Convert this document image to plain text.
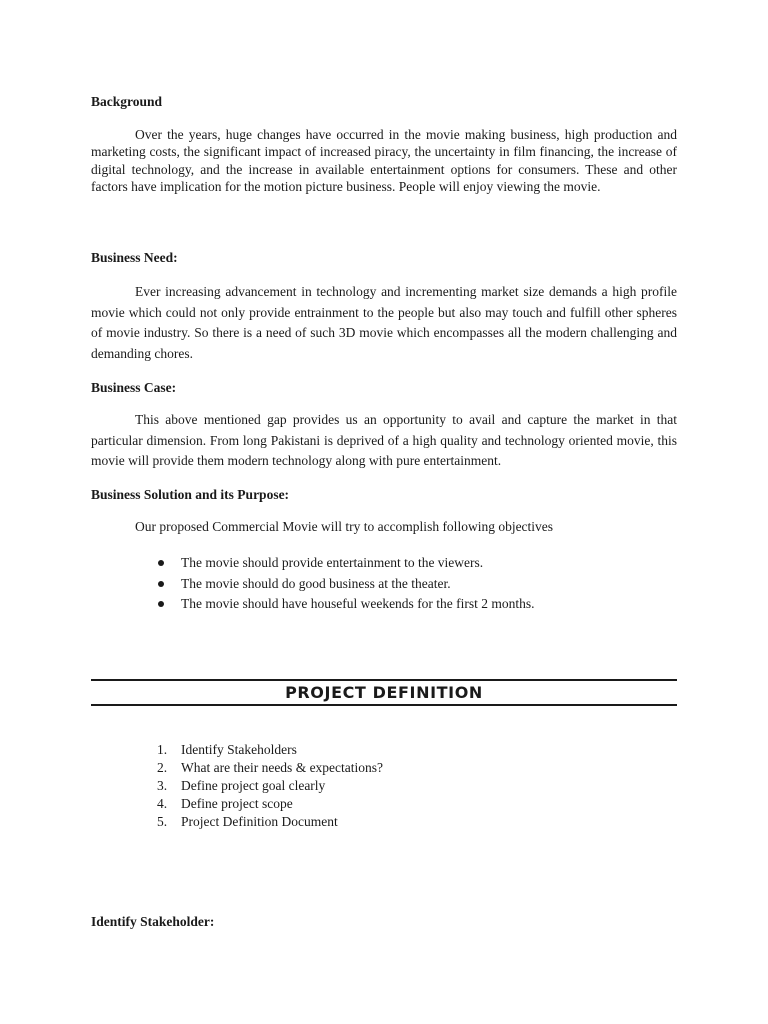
Background

Over the years, huge changes have occurred in the movie making business, high production and marketing costs, the significant impact of increased piracy, the uncertainty in film financing, the increase of digital technology, and the increase in available entertainment options for consumers. These and other factors have implication for the motion picture business. People will enjoy viewing the movie.

Business Need:

Ever increasing advancement in technology and incrementing market size demands a high profile movie which could not only provide entrainment to the people but also may touch and fulfill other spheres of movie industry. So there is a need of such 3D movie which encompasses all the modern challenging and demanding chores.

Business Case:

This above mentioned gap provides us an opportunity to avail and capture the market in that particular dimension. From long Pakistani is deprived of a high quality and technology oriented movie, this movie will provide them modern technology along with pure entertainment.

Business Solution and its Purpose:
Our proposed Commercial Movie will try to accomplish following objectives
The movie should provide entertainment to the viewers.
The movie should do good business at the theater.
The movie should have houseful weekends for the first 2 months.
PROJECT DEFINITION
1. Identify Stakeholders
2. What are their needs & expectations?
3. Define project goal clearly
4. Define project scope
5. Project Definition Document
Identify Stakeholder:
